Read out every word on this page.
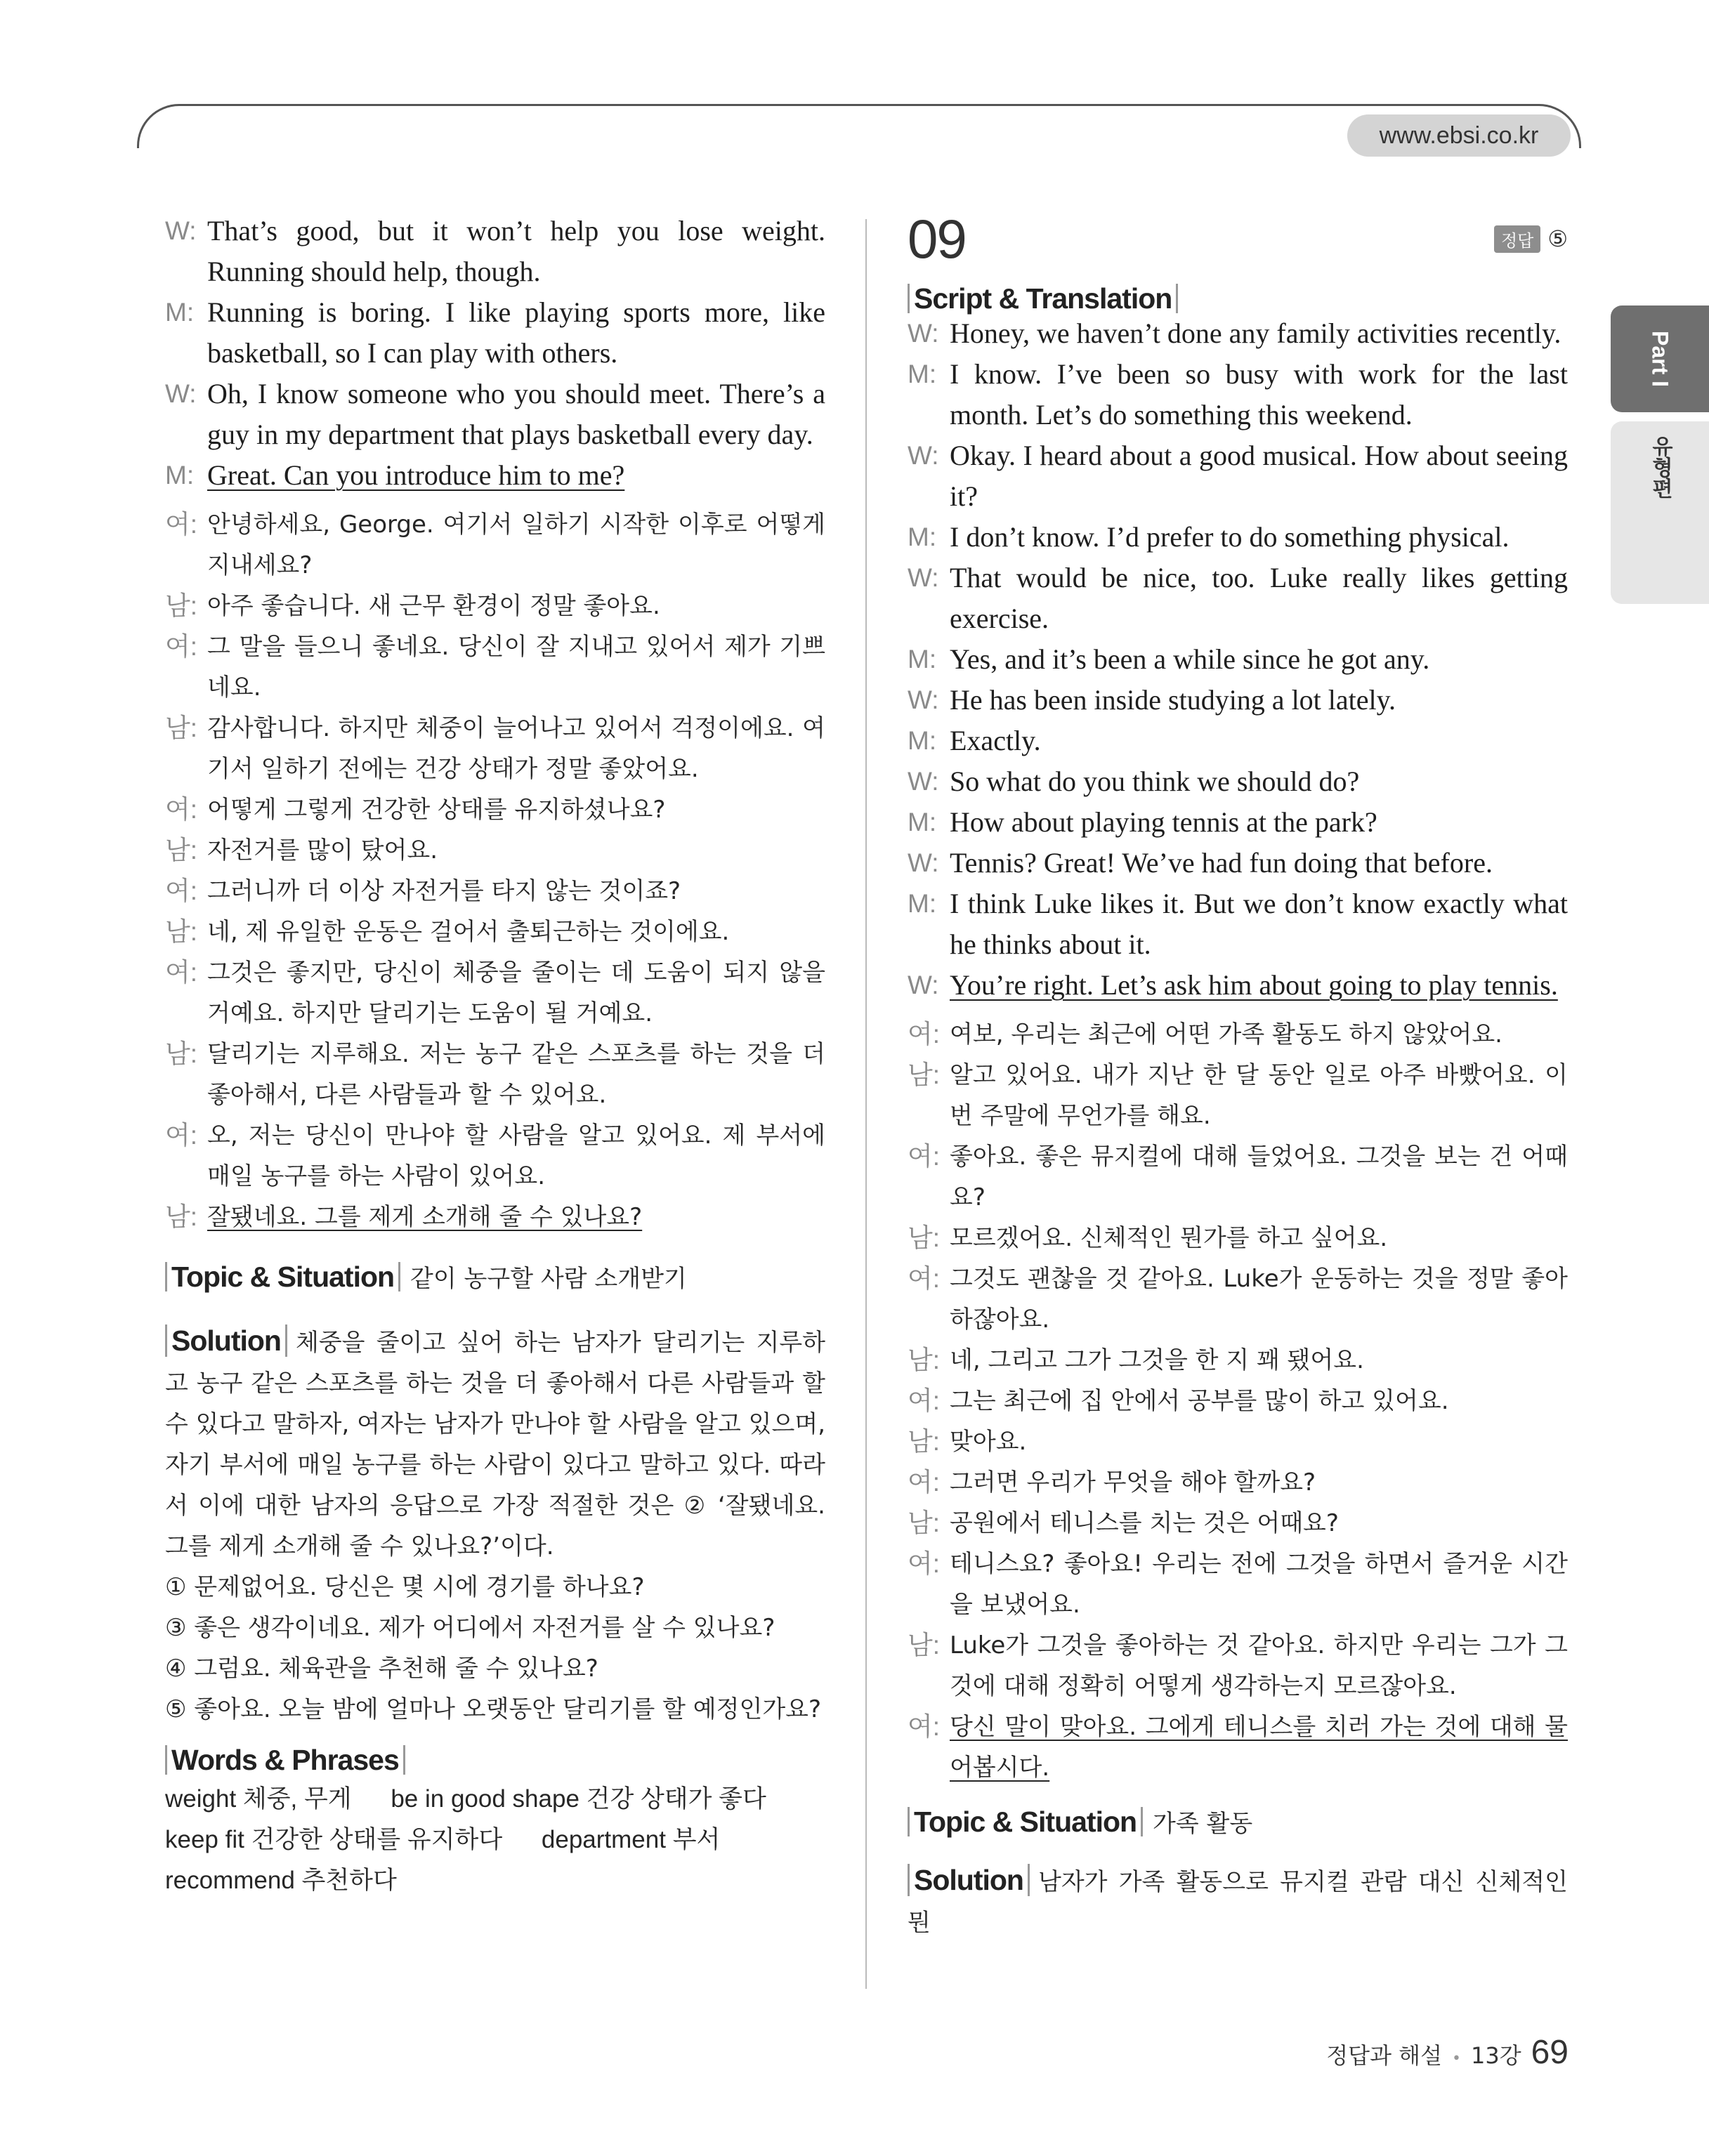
www.ebsi.co.kr
Part I
유형편
W: That’s good, but it won’t help you lose weight. Running should help, though.
M: Running is boring. I like playing sports more, like basketball, so I can play with others.
W: Oh, I know someone who you should meet. There’s a guy in my department that plays basketball every day.
M: Great. Can you introduce him to me?
여: 안녕하세요, George. 여기서 일하기 시작한 이후로 어떻게 지내세요?
남: 아주 좋습니다. 새 근무 환경이 정말 좋아요.
여: 그 말을 들으니 좋네요. 당신이 잘 지내고 있어서 제가 기쁘네요.
남: 감사합니다. 하지만 체중이 늘어나고 있어서 걱정이에요. 여기서 일하기 전에는 건강 상태가 정말 좋았어요.
여: 어떻게 그렇게 건강한 상태를 유지하셨나요?
남: 자전거를 많이 탔어요.
여: 그러니까 더 이상 자전거를 타지 않는 것이죠?
남: 네, 제 유일한 운동은 걸어서 출퇴근하는 것이에요.
여: 그것은 좋지만, 당신이 체중을 줄이는 데 도움이 되지 않을 거예요. 하지만 달리기는 도움이 될 거예요.
남: 달리기는 지루해요. 저는 농구 같은 스포츠를 하는 것을 더 좋아해서, 다른 사람들과 할 수 있어요.
여: 오, 저는 당신이 만나야 할 사람을 알고 있어요. 제 부서에 매일 농구를 하는 사람이 있어요.
남: 잘됐네요. 그를 제게 소개해 줄 수 있나요?
Topic & Situation 같이 농구할 사람 소개받기
Solution 체중을 줄이고 싶어 하는 남자가 달리기는 지루하고 농구 같은 스포츠를 하는 것을 더 좋아해서 다른 사람들과 할 수 있다고 말하자, 여자는 남자가 만나야 할 사람을 알고 있으며, 자기 부서에 매일 농구를 하는 사람이 있다고 말하고 있다. 따라서 이에 대한 남자의 응답으로 가장 적절한 것은 ② ‘잘됐네요. 그를 제게 소개해 줄 수 있나요?’이다.
① 문제없어요. 당신은 몇 시에 경기를 하나요?
③ 좋은 생각이네요. 제가 어디에서 자전거를 살 수 있나요?
④ 그럼요. 체육관을 추천해 줄 수 있나요?
⑤ 좋아요. 오늘 밤에 얼마나 오랫동안 달리기를 할 예정인가요?
Words & Phrases
weight 체중, 무게 be in good shape 건강 상태가 좋다 keep fit 건강한 상태를 유지하다 department 부서 recommend 추천하다
09	정답 ⑤
Script & Translation
W: Honey, we haven’t done any family activities recently.
M: I know. I’ve been so busy with work for the last month. Let’s do something this weekend.
W: Okay. I heard about a good musical. How about seeing it?
M: I don’t know. I’d prefer to do something physical.
W: That would be nice, too. Luke really likes getting exercise.
M: Yes, and it’s been a while since he got any.
W: He has been inside studying a lot lately.
M: Exactly.
W: So what do you think we should do?
M: How about playing tennis at the park?
W: Tennis? Great! We’ve had fun doing that before.
M: I think Luke likes it. But we don’t know exactly what he thinks about it.
W: You’re right. Let’s ask him about going to play tennis.
여: 여보, 우리는 최근에 어떤 가족 활동도 하지 않았어요.
남: 알고 있어요. 내가 지난 한 달 동안 일로 아주 바빴어요. 이번 주말에 무언가를 해요.
여: 좋아요. 좋은 뮤지컬에 대해 들었어요. 그것을 보는 건 어때요?
남: 모르겠어요. 신체적인 뭔가를 하고 싶어요.
여: 그것도 괜찮을 것 같아요. Luke가 운동하는 것을 정말 좋아하잖아요.
남: 네, 그리고 그가 그것을 한 지 꽤 됐어요.
여: 그는 최근에 집 안에서 공부를 많이 하고 있어요.
남: 맞아요.
여: 그러면 우리가 무엇을 해야 할까요?
남: 공원에서 테니스를 치는 것은 어때요?
여: 테니스요? 좋아요! 우리는 전에 그것을 하면서 즐거운 시간을 보냈어요.
남: Luke가 그것을 좋아하는 것 같아요. 하지만 우리는 그가 그것에 대해 정확히 어떻게 생각하는지 모르잖아요.
여: 당신 말이 맞아요. 그에게 테니스를 치러 가는 것에 대해 물어봅시다.
Topic & Situation 가족 활동
Solution 남자가 가족 활동으로 뮤지컬 관람 대신 신체적인 뭔
정답과 해설 • 13강 69
